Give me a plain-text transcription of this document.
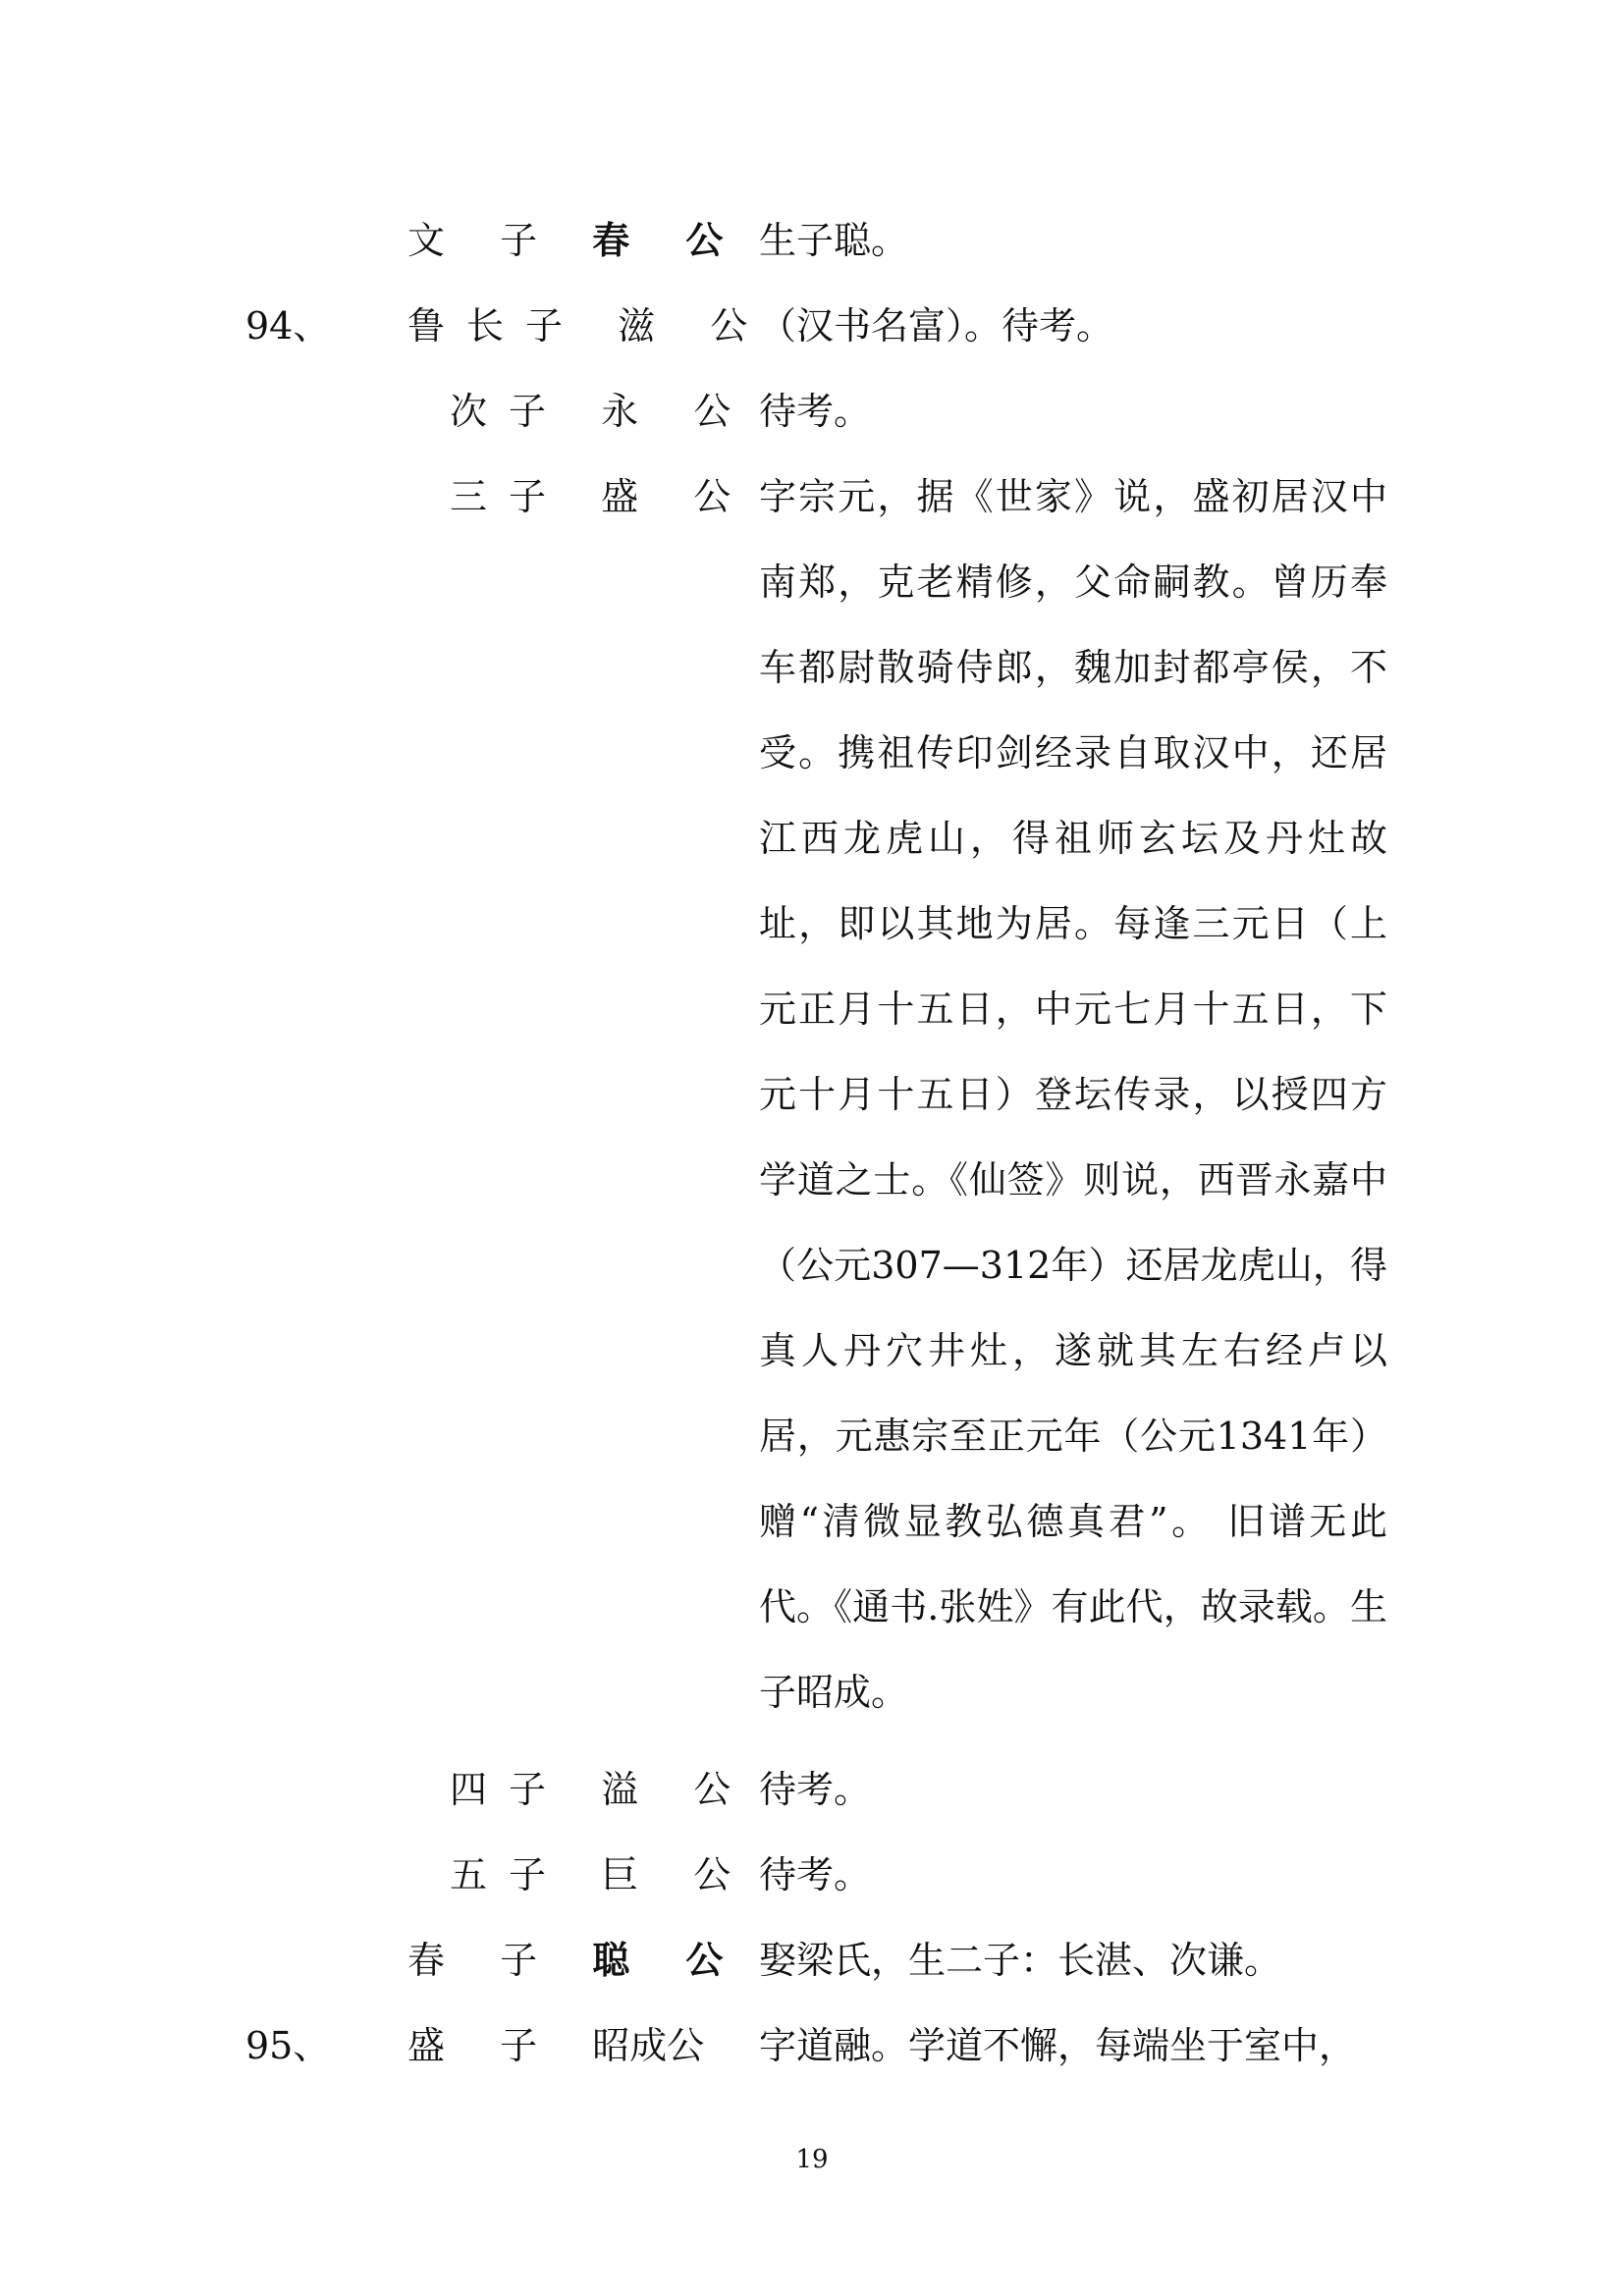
文 子 春 公 生子聪。
94、 鲁长子 滋 公
（汉书名富）。待考。
次子 永 公 待考。
三子 盛 公 字宗元，据《世家》说，盛初居汉中南郑，克老精修，父命嗣教。曾历奉车都尉散骑侍郎，魏加封都亭侯，不受。携祖传印剑经录自取汉中，还居江西龙虎山，得祖师玄坛及丹灶故址，即以其地为居。每逢三元日（上元正月十五日，中元七月十五日，下元十月十五日）登坛传录，以授四方学道之士。《仙签》则说，西晋永嘉中（公元307—312年）还居龙虎山，得真人丹穴井灶，遂就其左右经卢以居，元惠宗至正元年（公元1341年）赠“清微显教弘德真君”。 旧谱无此代。《通书.张姓》有此代，故录载。生子昭成。
四子 溢 公 待考。
五子 巨 公 待考。
春 子 聪 公 娶梁氏，生二子：长湛、次谦。
95、 盛 子 昭成公 字道融。学道不懈，每端坐于室中，
19
